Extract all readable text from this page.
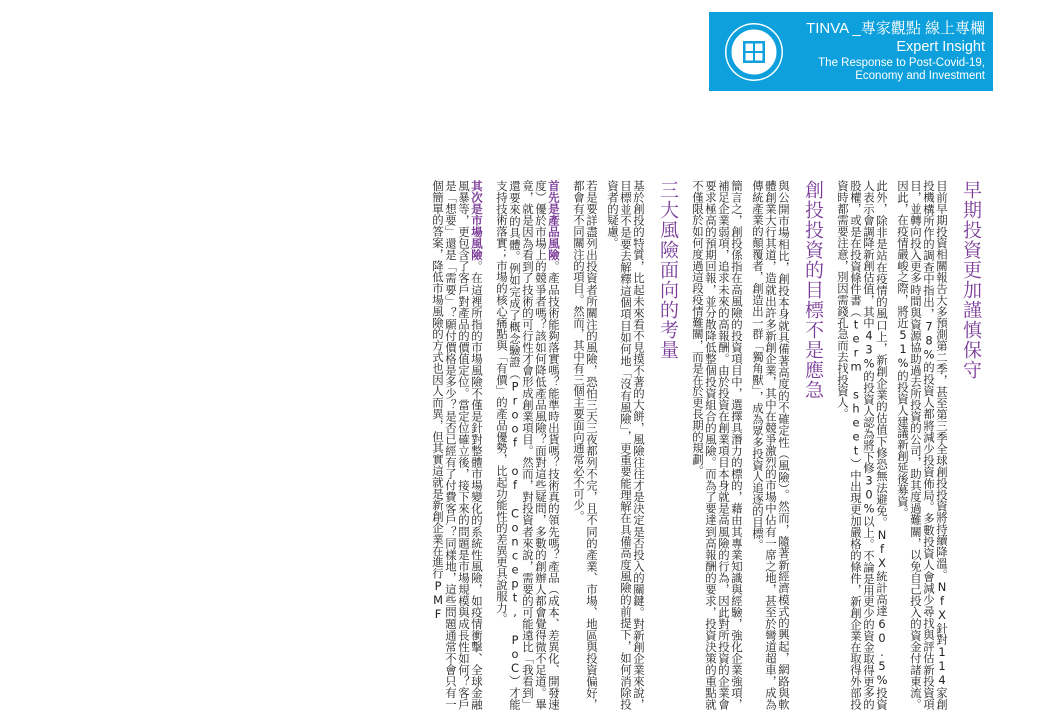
TINVA _專家觀點 線上專欄
Expert Insight
The Response to Post-Covid-19,
Economy and Investment
早期投資更加謹慎保守

目前早期投資相關報告大多預測第二季，甚至第三季全球創投投資將持續降溫。NfX針對114家創投機構所作的調查中指出，78%的投資人都將減少投資佈局。多數投資人會減少尋找與評估新投資項目，並轉向投入更多時間與資源協助過去所投資的公司，助其度過難關，以免自己投入的資金付諸東流。因此，在疫情嚴峻之際，將近51%的投資人建議新創延後募資。

此外，除非是站在疫情的風口上，新創企業的估值下修恐無法避免。NfX統計高達60.5%投資人表示會調降新創估值，其中43%的投資人認為將下修30%以上。不論是用更少的資金取得更多的股權，或是在投資條件書（term sheet）中出現更加嚴格的條件，新創企業在取得外部投資時都需要注意，別因需錢孔急而去找投資人。

創投投資的目標不是應急

與公開市場相比，創投本身就具備著高度的不確定性（風險）。然而，隨著新經濟模式的興起，網路與軟體創業大行其道，造就出許多新創企業，其中在競爭激烈的市場中佔有一席之地，甚至於彎道超車，成為傳統產業的顛覆者，創造出一群「獨角獸」，成為眾多投資人追逐的目標。

簡言之，創投係指在高風險的投資項目中，選擇具潛力的標的，藉由其專業知識與經驗，強化企業強項，補足企業弱項，追求未來的高報酬。由於投資在創業項目本身就是高風險的行為，因此對所投資的企業會要求極高的預期回報，並分散降低整個投資組合的風險。而為了要達到高報酬的要求，投資決策的重點就不僅限於如何度過這段疫情難關，而是在於更長期的規劃。

三大風險面向的考量

基於創投的特質，比起未來看不見摸不著的大餅，風險往往才是決定是否投入的關鍵。對新創企業來說，目標並不是要去解釋這個項目如何地「沒有風險」，更重要能理解在具備高度風險的前提下，如何消除投資者的疑慮。

若是要詳盡列出投資者所關注的風險，恐怕三天三夜都列不完，且不同的產業、市場、地區與投資偏好，都會有不同關注的項目。然而，其中有三個主要面向通常必不可少。

首先是產品風險。產品技術能夠落實嗎？能準時出貨嗎？技術真的領先嗎？產品（成本、差異化、開發速度）優於市場上的競爭者嗎？該如何降低產品風險？面對這些疑問，多數的創辦人都會覺得微不足道。畢竟，就是因為看到了技術的可行性才會形成創業項目。然而，對投資者來說，需要的可能遠比「我看到」還要來的具體。例如完成了概念驗證（Proof of Concept, PoC）才能支持技術落實；市場的核心痛點與「有價」的產品優勢，比起功能性的差異更具說服力。

其次是市場風險。在這裡所指的市場風險不僅是針對整體市場變化的系統性風險，如疫情衝擊、全球金融風暴等，更包含了客戶對產品的價值定位。當定位確立後，接下來的問題是市場規模與成長性如何？客戶是「想要」還是「需要」？願付價格是多少？是否已經有了付費客戶？同樣地，這些問題通常不會只有一個簡單的答案，降低市場風險的方式也因人而異，但其實這就是新創企業在進行PMF
